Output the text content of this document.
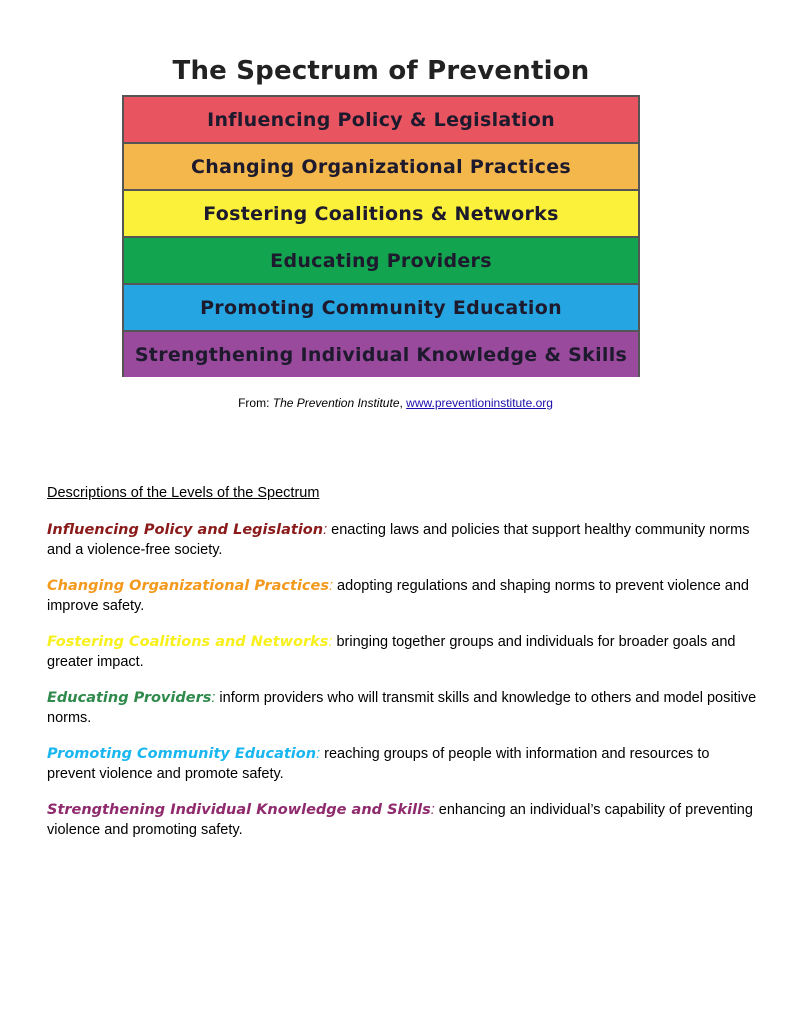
The Spectrum of Prevention
Influencing Policy & Legislation
Changing Organizational Practices
Fostering Coalitions & Networks
Educating Providers
Promoting Community Education
Strengthening Individual Knowledge & Skills
From: The Prevention Institute, www.preventioninstitute.org
Descriptions of the Levels of the Spectrum
Influencing Policy and Legislation: enacting laws and policies that support healthy community norms and a violence-free society.
Changing Organizational Practices: adopting regulations and shaping norms to prevent violence and improve safety.
Fostering Coalitions and Networks: bringing together groups and individuals for broader goals and greater impact.
Educating Providers: inform providers who will transmit skills and knowledge to others and model positive norms.
Promoting Community Education: reaching groups of people with information and resources to prevent violence and promote safety.
Strengthening Individual Knowledge and Skills: enhancing an individual’s capability of preventing violence and promoting safety.
